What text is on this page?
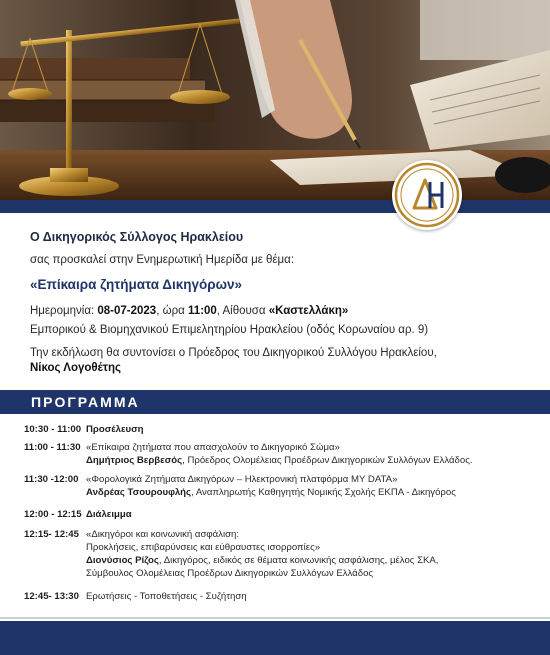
Ο Δικηγορικός Σύλλογος Ηρακλείου
σας προσκαλεί στην Ενημερωτική Ημερίδα με θέμα:
«Επίκαιρα ζητήματα Δικηγόρων»
Ημερομηνία: 08-07-2023, ώρα 11:00, Αίθουσα «Καστελλάκη»
Εμπορικού & Βιομηχανικού Επιμελητηρίου Ηρακλείου (οδός Κορωναίου αρ. 9)
Την εκδήλωση θα συντονίσει ο Πρόεδρος του Δικηγορικού Συλλόγου Ηρακλείου,
Νίκος Λογοθέτης
ΠΡΟΓΡΑΜΜΑ
10:30 - 11:00 Προσέλευση
11:00 - 11:30 «Επίκαιρα ζητήματα που απασχολούν το Δικηγορικό Σώμα»
Δημήτριος Βερβεσός, Πρόεδρος Ολομέλειας Προέδρων Δικηγορικών Συλλόγων Ελλάδος.
11:30 -12:00 «Φορολογικά Ζητήματα Δικηγόρων – Ηλεκτρονική πλατφόρμα MY DATA»
Ανδρέας Τσουρουφλής, Αναπληρωτής Καθηγητής Νομικής Σχολής ΕΚΠΑ - Δικηγόρος
12:00 - 12:15 Διάλειμμα
12:15- 12:45 «Δικηγόροι και κοινωνική ασφάλιση:
Προκλήσεις, επιβαρύνσεις και εύθραυστες ισορροπίες»
Διονύσιος Ρίζος, Δικηγόρος, ειδικός σε θέματα κοινωνικής ασφάλισης, μέλος ΣΚΑ,
Σύμβουλος Ολομέλειας Προέδρων Δικηγορικών Συλλόγων Ελλάδος
12:45- 13:30 Ερωτήσεις - Τοποθετήσεις - Συζήτηση
